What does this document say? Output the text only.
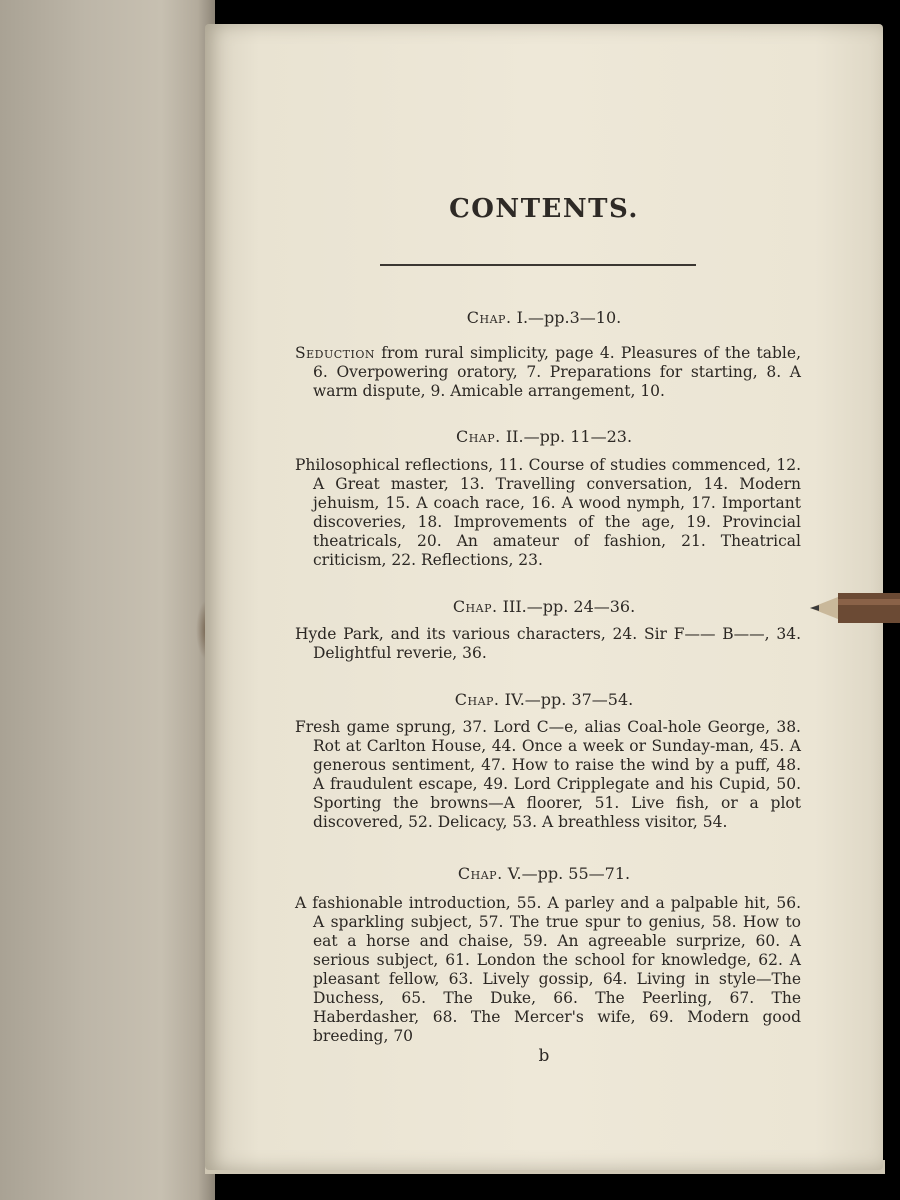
CONTENTS.
Chap. I.—pp.3—10.
Seduction from rural simplicity, page 4. Pleasures of the table, 6. Overpowering oratory, 7. Preparations for starting, 8. A warm dispute, 9. Amicable arrangement, 10.
Chap. II.—pp. 11—23.
Philosophical reflections, 11. Course of studies commenced, 12. A Great master, 13. Travelling conversation, 14. Modern jehuism, 15. A coach race, 16. A wood nymph, 17. Important discoveries, 18. Improvements of the age, 19. Provincial theatricals, 20. An amateur of fashion, 21. Theatrical criticism, 22. Reflections, 23.
Chap. III.—pp. 24—36.
Hyde Park, and its various characters, 24. Sir F—— B——, 34. Delightful reverie, 36.
Chap. IV.—pp. 37—54.
Fresh game sprung, 37. Lord C—e, alias Coal-hole George, 38. Rot at Carlton House, 44. Once a week or Sunday-man, 45. A generous sentiment, 47. How to raise the wind by a puff, 48. A fraudulent escape, 49. Lord Cripplegate and his Cupid, 50. Sporting the browns—A floorer, 51. Live fish, or a plot discovered, 52. Delicacy, 53. A breathless visitor, 54.
Chap. V.—pp. 55—71.
A fashionable introduction, 55. A parley and a palpable hit, 56. A sparkling subject, 57. The true spur to genius, 58. How to eat a horse and chaise, 59. An agreeable surprize, 60. A serious subject, 61. London the school for knowledge, 62. A pleasant fellow, 63. Lively gossip, 64. Living in style—The Duchess, 65. The Duke, 66. The Peerling, 67. The Haberdasher, 68. The Mercer's wife, 69. Modern good breeding, 70
b
